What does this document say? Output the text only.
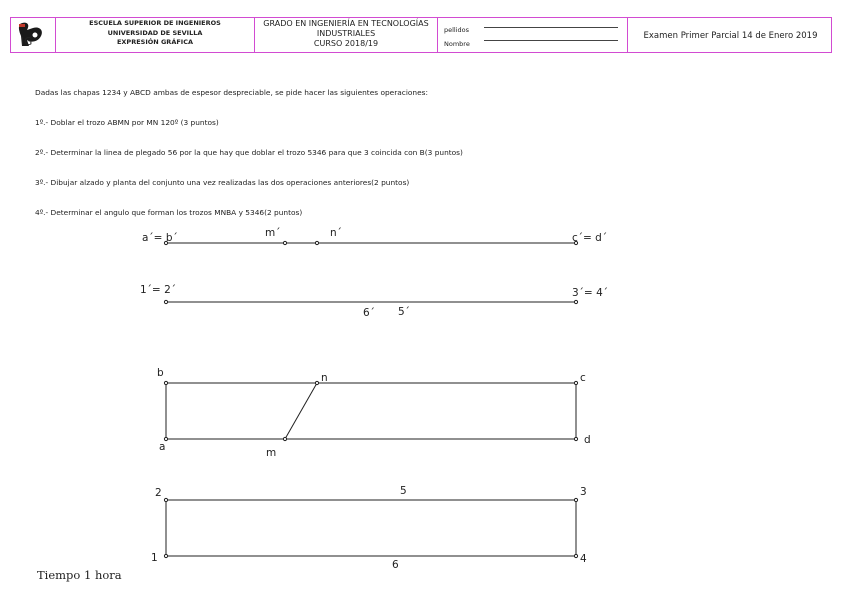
IG
ESCUELA SUPERIOR DE INGENIEROS
UNIVERSIDAD DE SEVILLA
EXPRESIÓN GRÁFICA
GRADO EN INGENIERÍA EN TECNOLOGÍAS
INDUSTRIALES
CURSO 2018/19
pellidos
Nombre
Examen Primer Parcial 14 de Enero 2019

Dadas las chapas 1234 y ABCD ambas de espesor despreciable, se pide hacer las siguientes operaciones:

1º.- Doblar el trozo ABMN por MN 120º (3 puntos)

2º.- Determinar la linea de plegado 56 por la que hay que doblar el trozo 5346 para que 3 coincida con B(3 puntos)

3º.- Dibujar alzado y planta del conjunto una vez realizadas las dos operaciones anteriores(2 puntos)

4º.- Determinar el angulo que forman los trozos MNBA y 5346(2 puntos)

a´= b´	m´	n´	c´= d´
1´= 2´	3´= 4´
6´ 5´
b	n	c
a	m
d
2	5	3
1
6	4
Tiempo 1 hora
